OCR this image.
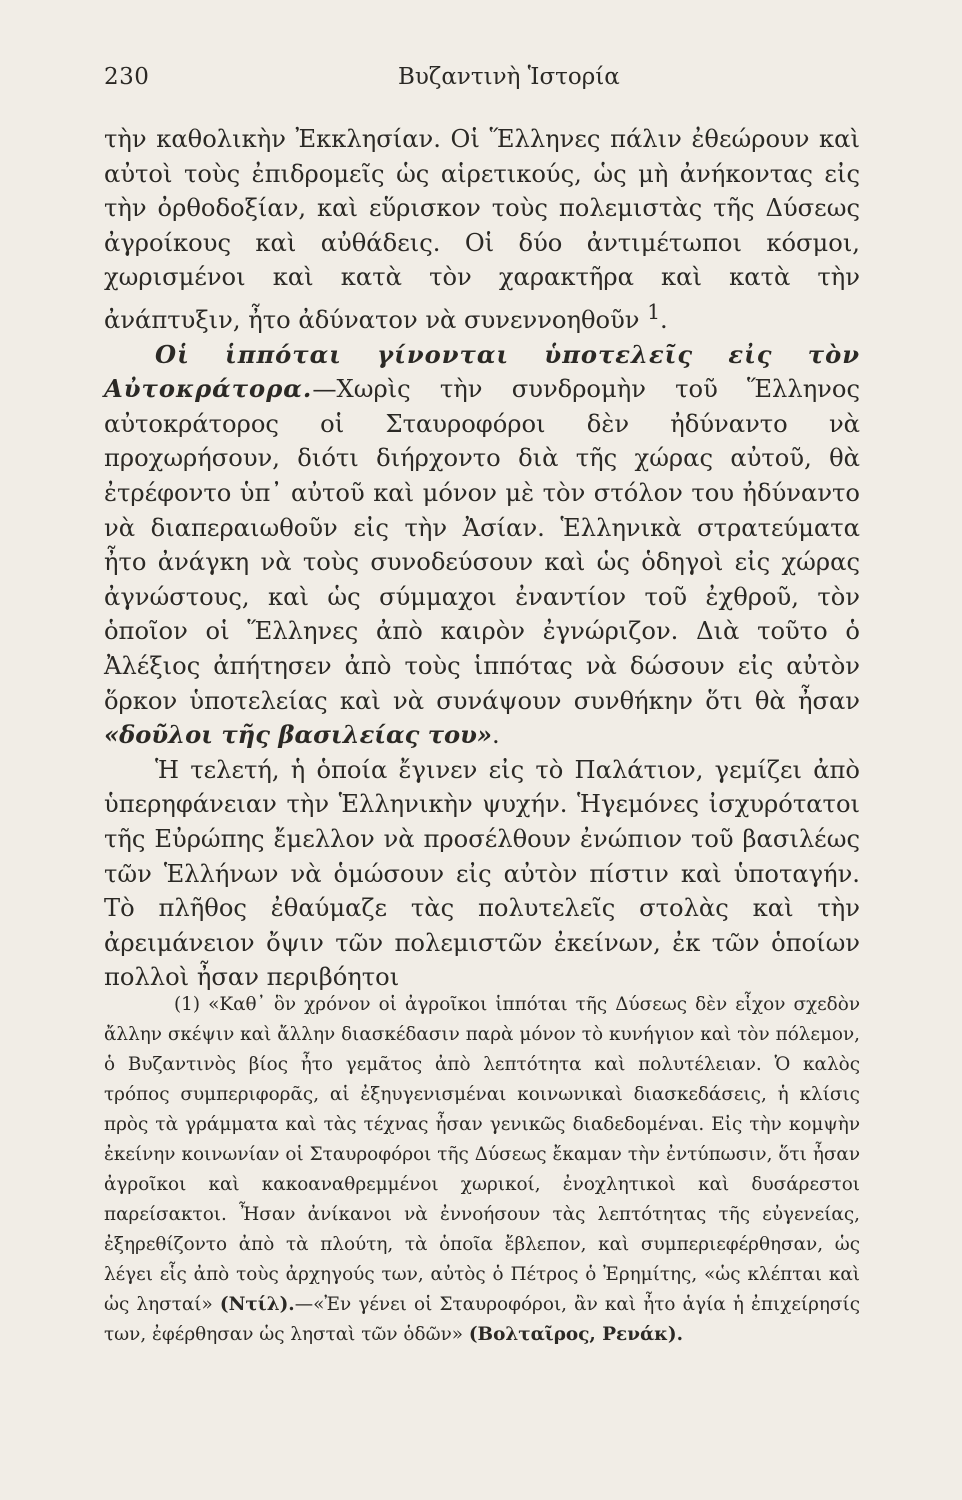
230	Βυζαντινὴ Ἱστορία

τὴν καθολικὴν Ἐκκλησίαν. Οἱ Ἕλληνες πάλιν ἐθεώρουν καὶ αὐτοὶ τοὺς ἐπιδρομεῖς ὡς αἱρετικούς, ὡς μὴ ἀνήκοντας εἰς τὴν ὀρθοδοξίαν, καὶ εὕρισκον τοὺς πολεμιστὰς τῆς Δύσεως ἀγροίκους καὶ αὐθάδεις. Οἱ δύο ἀντιμέτωποι κόσμοι, χωρισμένοι καὶ κατὰ τὸν χαρακτῆρα καὶ κατὰ τὴν ἀνάπτυξιν, ἦτο ἀδύνατον νὰ συνεννοηθοῦν $^1$.

Οἱ ἱππόται γίνονται ὑποτελεῖς εἰς τὸν Αὐτοκράτορα.—Χωρὶς τὴν συνδρομὴν τοῦ Ἕλληνος αὐτοκράτορος οἱ Σταυροφόροι δὲν ἠδύναντο νὰ προχωρήσουν, διότι διήρχοντο διὰ τῆς χώρας αὐτοῦ, θὰ ἐτρέφοντο ὑπ᾽ αὐτοῦ καὶ μόνον μὲ τὸν στόλον του ἠδύναντο νὰ διαπεραιωθοῦν εἰς τὴν Ἀσίαν. Ἑλληνικὰ στρατεύματα ἦτο ἀνάγκη νὰ τοὺς συνοδεύσουν καὶ ὡς ὁδηγοὶ εἰς χώρας ἀγνώστους, καὶ ὡς σύμμαχοι ἐναντίον τοῦ ἐχθροῦ, τὸν ὁποῖον οἱ Ἕλληνες ἀπὸ καιρὸν ἐγνώριζον. Διὰ τοῦτο ὁ Ἀλέξιος ἀπήτησεν ἀπὸ τοὺς ἱππότας νὰ δώσουν εἰς αὐτὸν ὅρκον ὑποτελείας καὶ νὰ συνάψουν συνθήκην ὅτι θὰ ἦσαν «δοῦλοι τῆς βασιλείας του».

Ἡ τελετή, ἡ ὁποία ἔγινεν εἰς τὸ Παλάτιον, γεμίζει ἀπὸ ὑπερηφάνειαν τὴν Ἑλληνικὴν ψυχήν. Ἡγεμόνες ἰσχυρότατοι τῆς Εὐρώπης ἔμελλον νὰ προσέλθουν ἐνώπιον τοῦ βασιλέως τῶν Ἑλλήνων νὰ ὁμώσουν εἰς αὐτὸν πίστιν καὶ ὑποταγήν. Τὸ πλῆθος ἐθαύμαζε τὰς πολυτελεῖς στολὰς καὶ τὴν ἀρειμάνειον ὄψιν τῶν πολεμιστῶν ἐκείνων, ἐκ τῶν ὁποίων πολλοὶ ἦσαν περιβόητοι

(1) «Καθ᾽ ὃν χρόνον οἱ ἀγροῖκοι ἱππόται τῆς Δύσεως δὲν εἶχον σχεδὸν ἄλλην σκέψιν καὶ ἄλλην διασκέδασιν παρὰ μόνον τὸ κυνήγιον καὶ τὸν πόλεμον, ὁ Βυζαντινὸς βίος ἦτο γεμᾶτος ἀπὸ λεπτότητα καὶ πολυτέλειαν. Ὁ καλὸς τρόπος συμπεριφορᾶς, αἱ ἐξηυγενισμέναι κοινωνικαὶ διασκεδάσεις, ἡ κλίσις πρὸς τὰ γράμματα καὶ τὰς τέχνας ἦσαν γενικῶς διαδεδομέναι. Εἰς τὴν κομψὴν ἐκείνην κοινωνίαν οἱ Σταυροφόροι τῆς Δύσεως ἔκαμαν τὴν ἐντύπωσιν, ὅτι ἦσαν ἀγροῖκοι καὶ κακοαναθρεμμένοι χωρικοί, ἐνοχλητικοὶ καὶ δυσάρεστοι παρείσακτοι. Ἦσαν ἀνίκανοι νὰ ἐννοήσουν τὰς λεπτότητας τῆς εὐγενείας, ἐξηρεθίζοντο ἀπὸ τὰ πλούτη, τὰ ὁποῖα ἔβλεπον, καὶ συμπεριεφέρθησαν, ὡς λέγει εἷς ἀπὸ τοὺς ἀρχηγούς των, αὐτὸς ὁ Πέτρος ὁ Ἐρημίτης, «ὡς κλέπται καὶ ὡς λησταί» (Ντίλ).—«Ἐν γένει οἱ Σταυροφόροι, ἂν καὶ ἦτο ἁγία ἡ ἐπιχείρησίς των, ἐφέρθησαν ὡς λησταὶ τῶν ὁδῶν» (Βολταῖρος, Ρενάκ).
